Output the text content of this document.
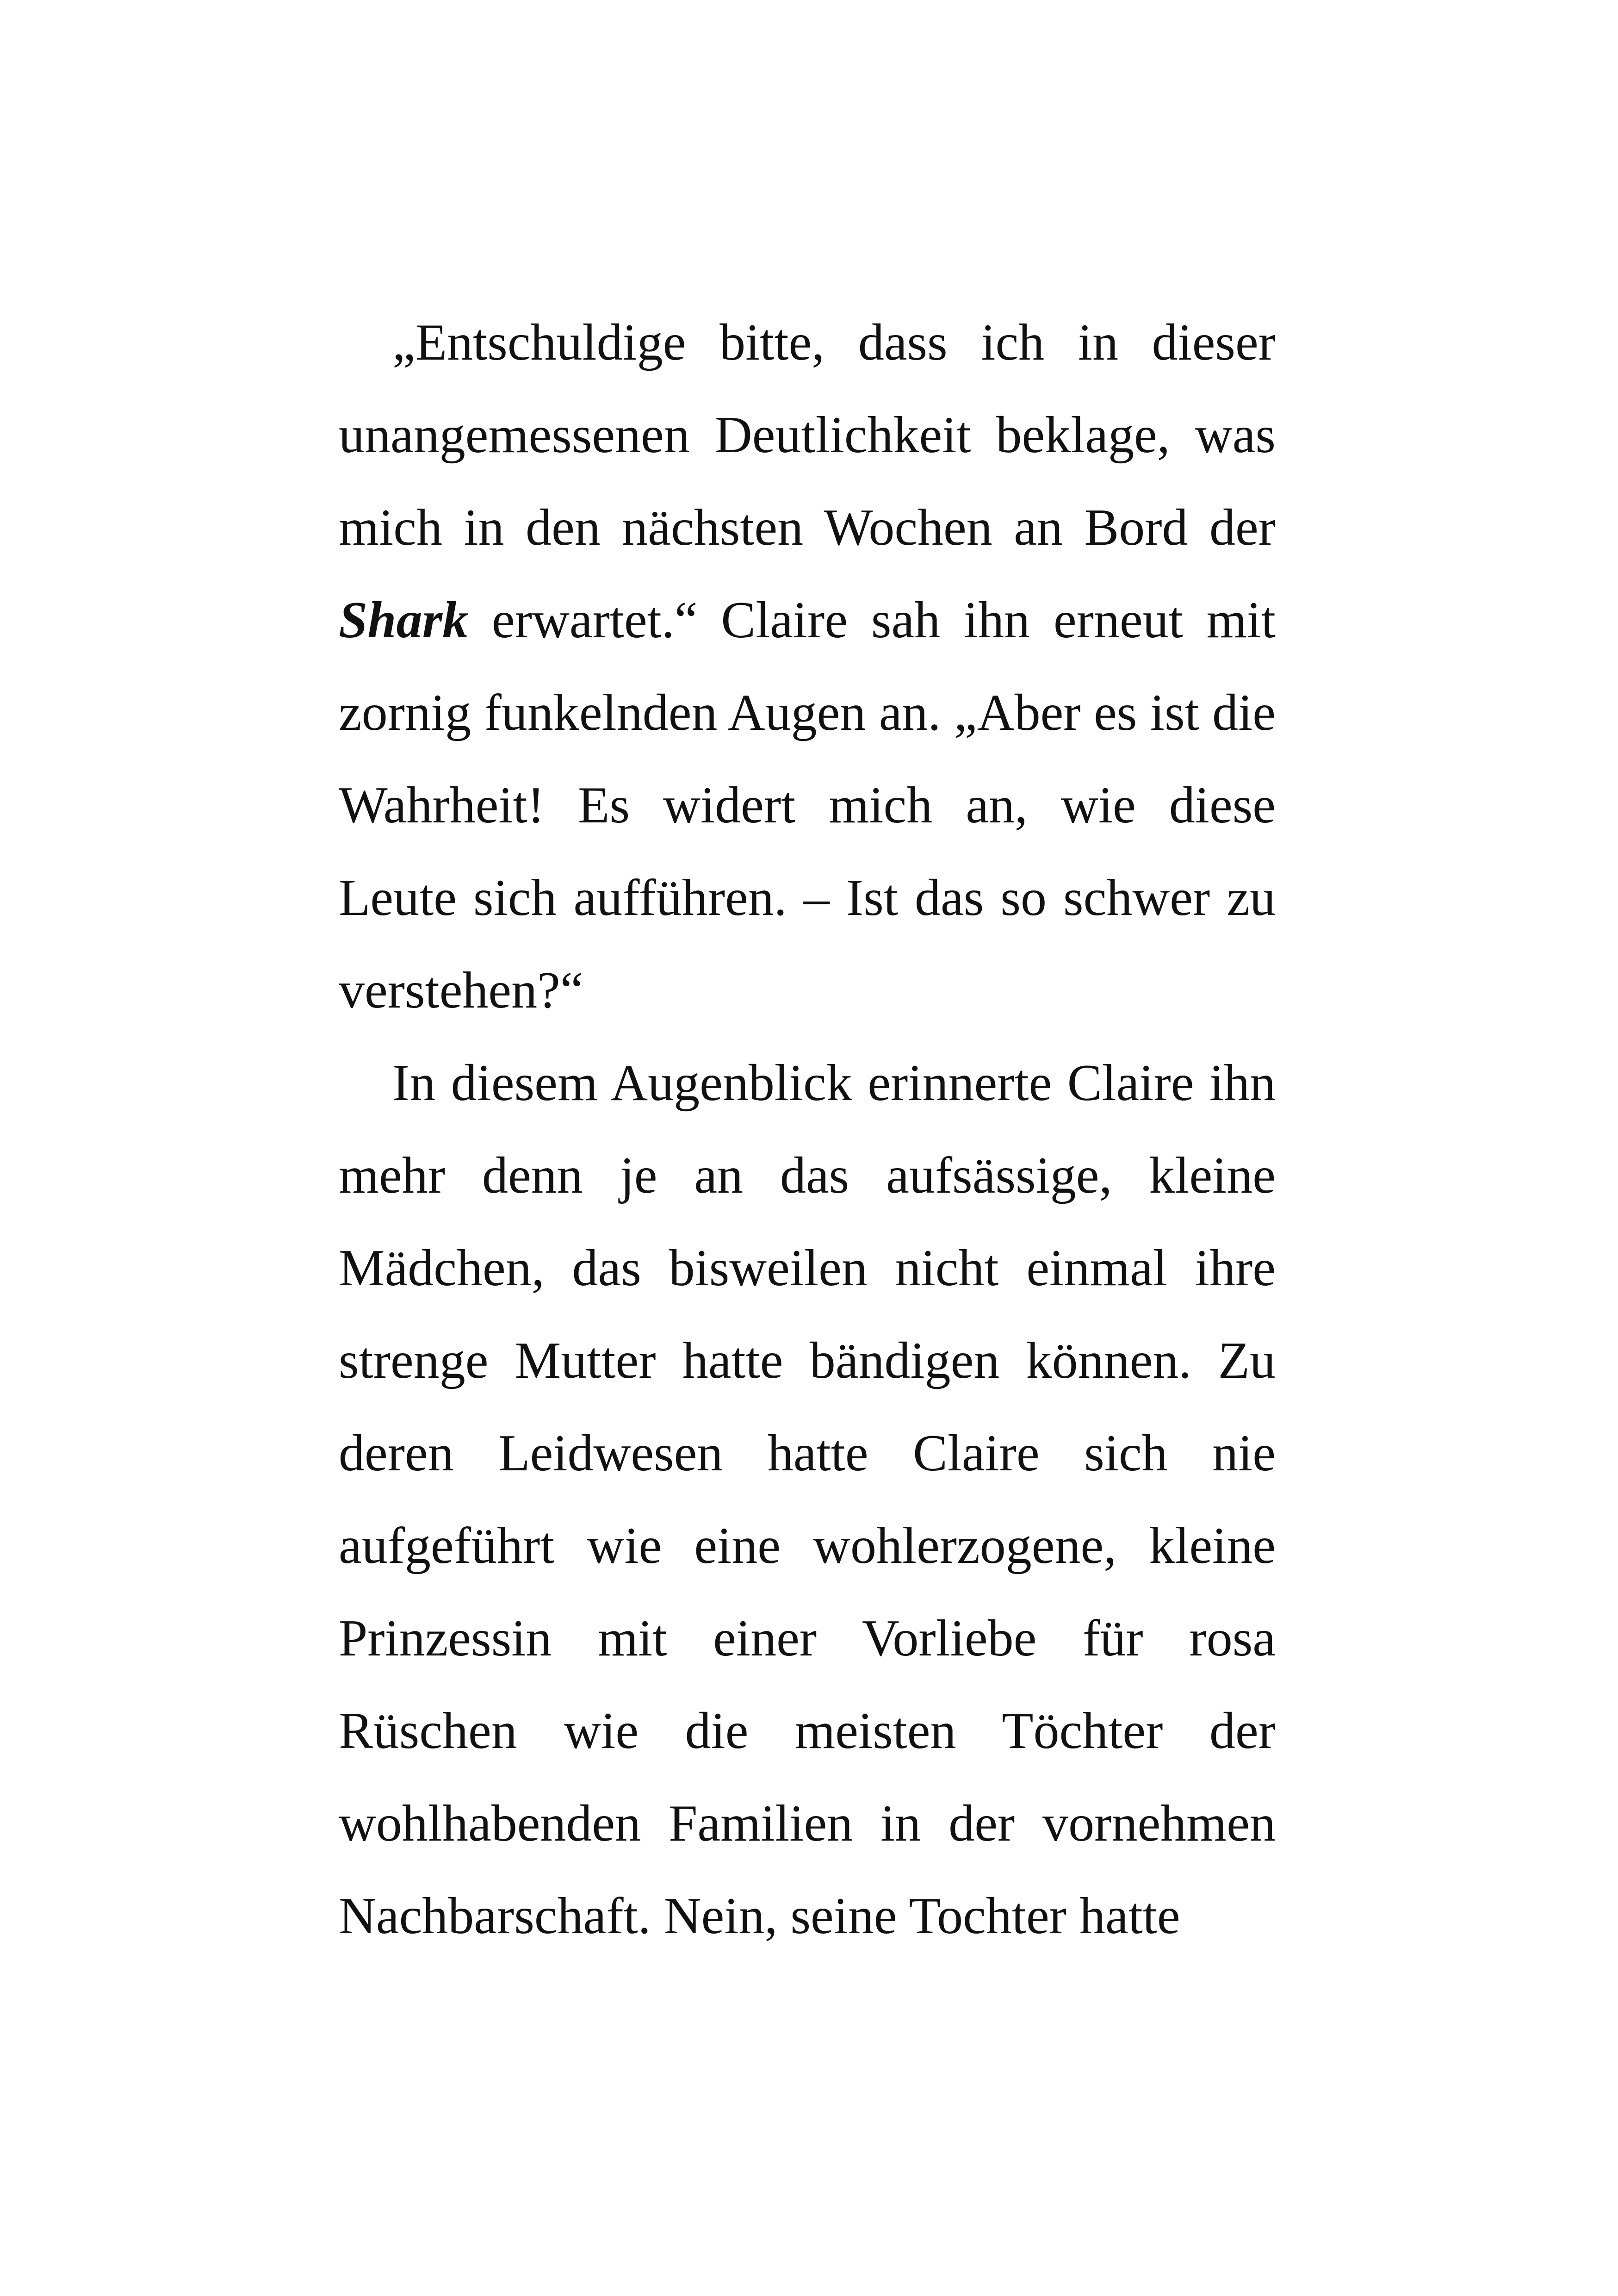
„Entschuldige bitte, dass ich in dieser unangemessenen Deutlichkeit beklage, was mich in den nächsten Wochen an Bord der Shark erwartet.“ Claire sah ihn erneut mit zornig funkelnden Augen an. „Aber es ist die Wahrheit! Es widert mich an, wie diese Leute sich aufführen. – Ist das so schwer zu verstehen?“

In diesem Augenblick erinnerte Claire ihn mehr denn je an das aufsässige, kleine Mädchen, das bisweilen nicht einmal ihre strenge Mutter hatte bändigen können. Zu deren Leidwesen hatte Claire sich nie aufgeführt wie eine wohlerzogene, kleine Prinzessin mit einer Vorliebe für rosa Rüschen wie die meisten Töchter der wohlhabenden Familien in der vornehmen Nachbarschaft. Nein, seine Tochter hatte
